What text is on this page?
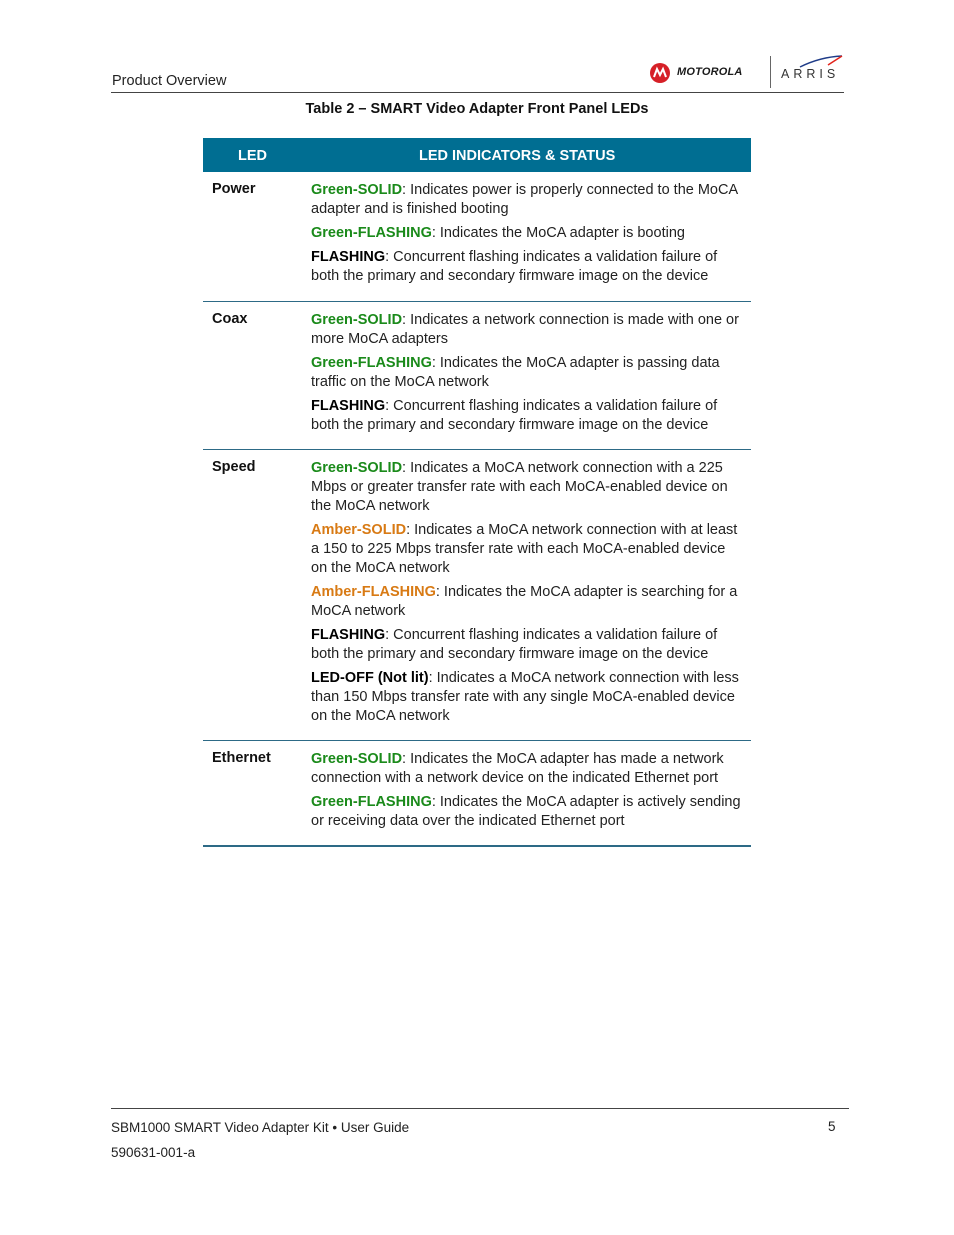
Product Overview
MOTOROLA	ARRIS
Table 2 – SMART Video Adapter Front Panel LEDs
LED	LED INDICATORS & STATUS
Power	Green-SOLID: Indicates power is properly connected to the MoCA adapter and is finished booting

Green-FLASHING: Indicates the MoCA adapter is booting

FLASHING: Concurrent flashing indicates a validation failure of both the primary and secondary firmware image on the device

Coax	Green-SOLID: Indicates a network connection is made with one or more MoCA adapters

Green-FLASHING: Indicates the MoCA adapter is passing data traffic on the MoCA network

FLASHING: Concurrent flashing indicates a validation failure of both the primary and secondary firmware image on the device

Speed	Green-SOLID: Indicates a MoCA network connection with a 225 Mbps or greater transfer rate with each MoCA-enabled device on the MoCA network

Amber-SOLID: Indicates a MoCA network connection with at least a 150 to 225 Mbps transfer rate with each MoCA-enabled device on the MoCA network

Amber-FLASHING: Indicates the MoCA adapter is searching for a MoCA network

FLASHING: Concurrent flashing indicates a validation failure of both the primary and secondary firmware image on the device

LED-OFF (Not lit): Indicates a MoCA network connection with less than 150 Mbps transfer rate with any single MoCA-enabled device on the MoCA network

Ethernet	Green-SOLID: Indicates the MoCA adapter has made a network connection with a network device on the indicated Ethernet port

Green-FLASHING: Indicates the MoCA adapter is actively sending or receiving data over the indicated Ethernet port

SBM1000 SMART Video Adapter Kit • User Guide	5
590631-001-a
